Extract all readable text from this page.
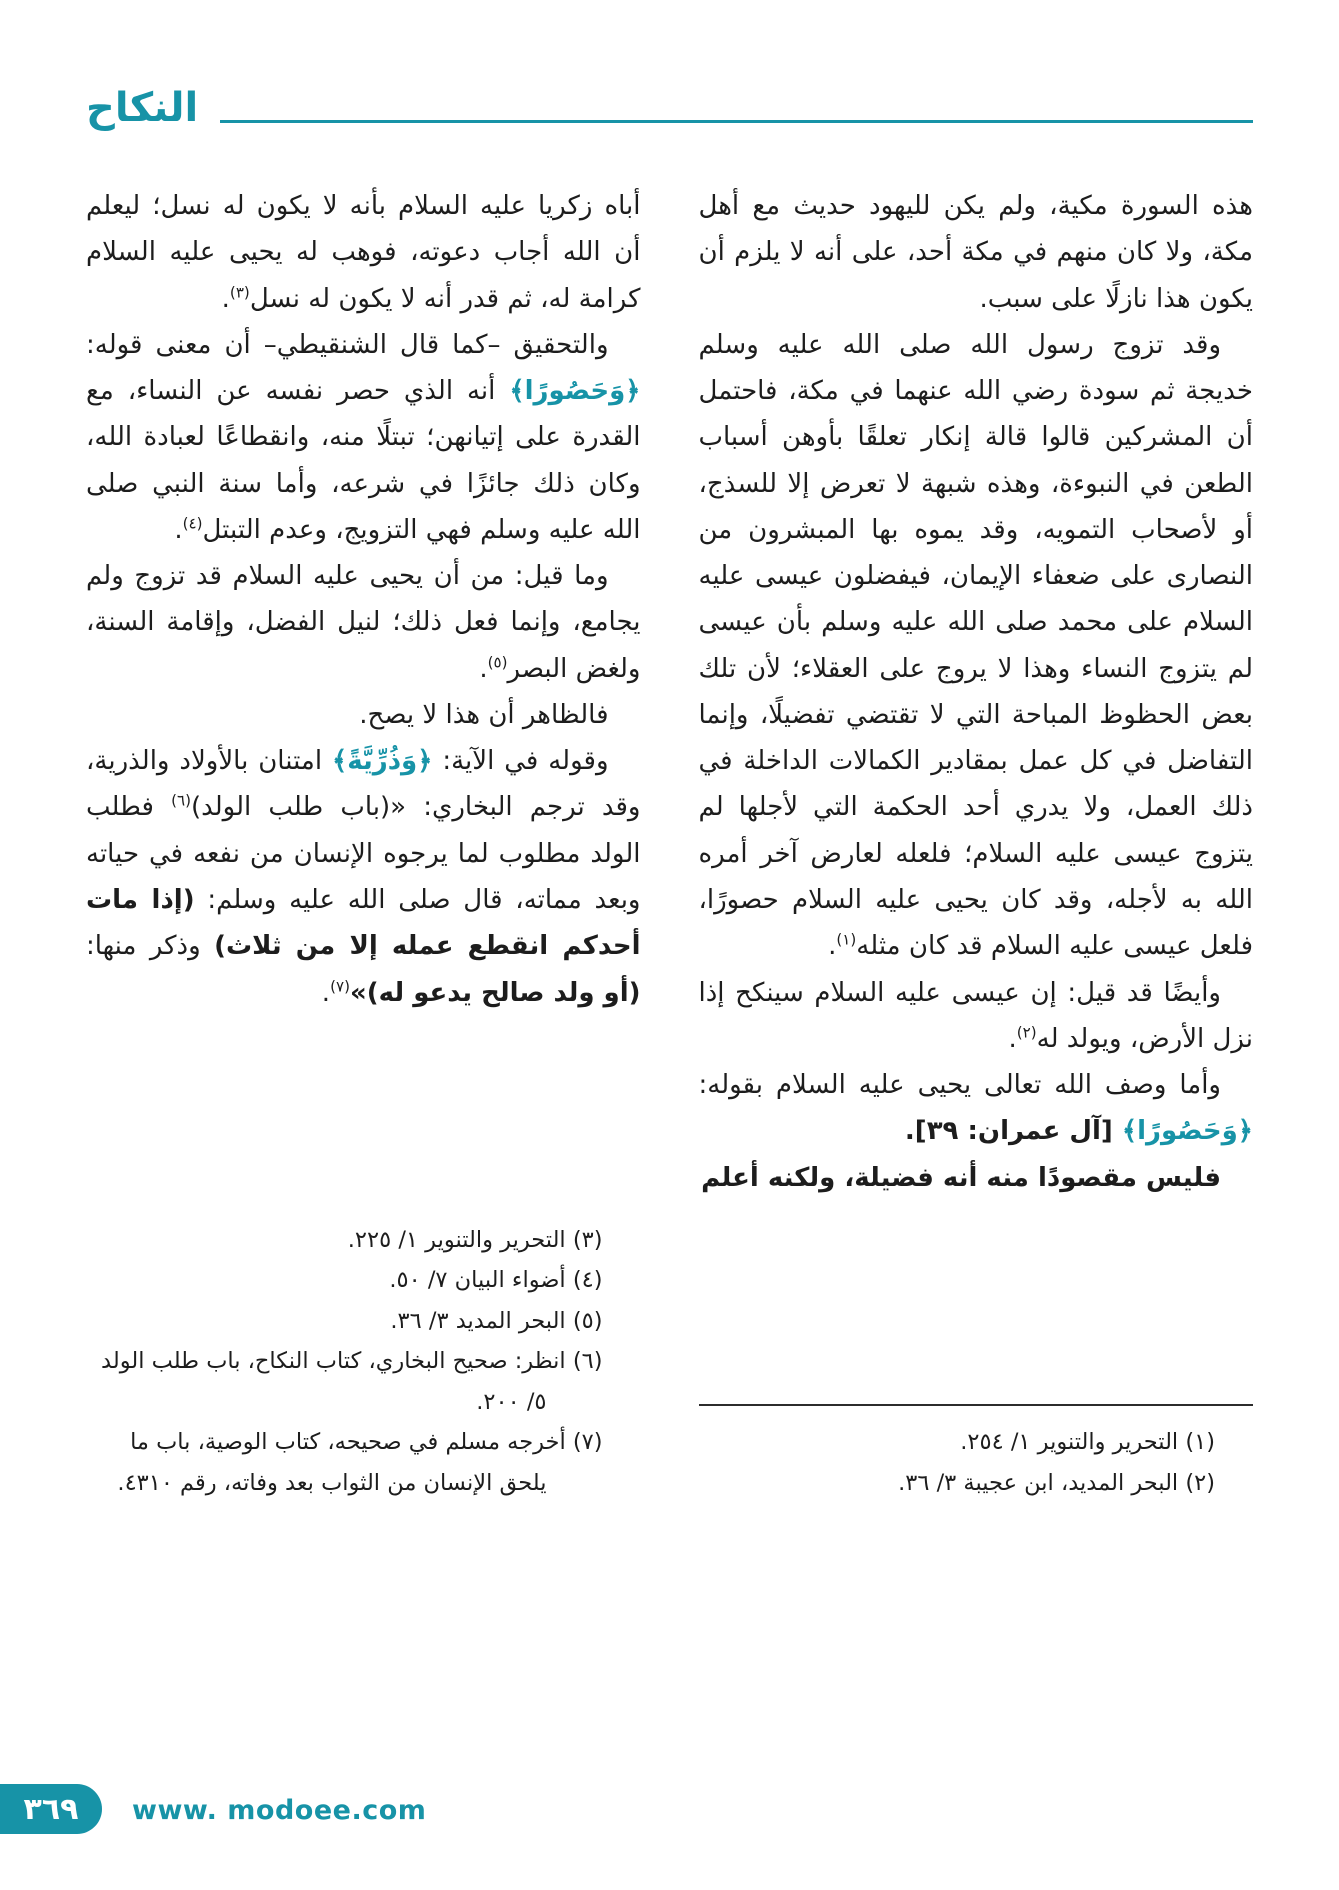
النكاح

هذه السورة مكية، ولم يكن لليهود حديث مع أهل مكة، ولا كان منهم في مكة أحد، على أنه لا يلزم أن يكون هذا نازلًا على سبب.

وقد تزوج رسول الله صلى الله عليه وسلم خديجة ثم سودة رضي الله عنهما في مكة، فاحتمل أن المشركين قالوا قالة إنكار تعلقًا بأوهن أسباب الطعن في النبوءة، وهذه شبهة لا تعرض إلا للسذج، أو لأصحاب التمويه، وقد يموه بها المبشرون من النصارى على ضعفاء الإيمان، فيفضلون عيسى عليه السلام على محمد صلى الله عليه وسلم بأن عيسى لم يتزوج النساء وهذا لا يروج على العقلاء؛ لأن تلك بعض الحظوظ المباحة التي لا تقتضي تفضيلًا، وإنما التفاضل في كل عمل بمقادير الكمالات الداخلة في ذلك العمل، ولا يدري أحد الحكمة التي لأجلها لم يتزوج عيسى عليه السلام؛ فلعله لعارض آخر أمره الله به لأجله، وقد كان يحيى عليه السلام حصورًا، فلعل عيسى عليه السلام قد كان مثله$^{(١)}$.

وأيضًا قد قيل: إن عيسى عليه السلام سينكح إذا نزل الأرض، ويولد له$^{(٢)}$.

وأما وصف الله تعالى يحيى عليه السلام بقوله: ﴿وَحَصُورًا﴾ [آل عمران: ٣٩].

فليس مقصودًا منه أنه فضيلة، ولكنه أعلم

(١) التحرير والتنوير ١/ ٢٥٤.

(٢) البحر المديد، ابن عجيبة ٣/ ٣٦.

أباه زكريا عليه السلام بأنه لا يكون له نسل؛ ليعلم أن الله أجاب دعوته، فوهب له يحيى عليه السلام كرامة له، ثم قدر أنه لا يكون له نسل$^{(٣)}$.

والتحقيق –كما قال الشنقيطي– أن معنى قوله: ﴿وَحَصُورًا﴾ أنه الذي حصر نفسه عن النساء، مع القدرة على إتيانهن؛ تبتلًا منه، وانقطاعًا لعبادة الله، وكان ذلك جائزًا في شرعه، وأما سنة النبي صلى الله عليه وسلم فهي التزويج، وعدم التبتل$^{(٤)}$.

وما قيل: من أن يحيى عليه السلام قد تزوج ولم يجامع، وإنما فعل ذلك؛ لنيل الفضل، وإقامة السنة، ولغض البصر$^{(٥)}$.

فالظاهر أن هذا لا يصح.

وقوله في الآية: ﴿وَذُرِّيَّةً﴾ امتنان بالأولاد والذرية، وقد ترجم البخاري: «(باب طلب الولد)$^{(٦)}$ فطلب الولد مطلوب لما يرجوه الإنسان من نفعه في حياته وبعد مماته، قال صلى الله عليه وسلم: (إذا مات أحدكم انقطع عمله إلا من ثلاث) وذكر منها: (أو ولد صالح يدعو له)»$^{(٧)}$.

(٣) التحرير والتنوير ١/ ٢٢٥.

(٤) أضواء البيان ٧/ ٥٠.

(٥) البحر المديد ٣/ ٣٦.

(٦) انظر: صحيح البخاري، كتاب النكاح، باب طلب الولد ٥/ ٢٠٠.

(٧) أخرجه مسلم في صحيحه، كتاب الوصية، باب ما يلحق الإنسان من الثواب بعد وفاته، رقم ٤٣١٠.

٣٦٩ www. modoee.com
